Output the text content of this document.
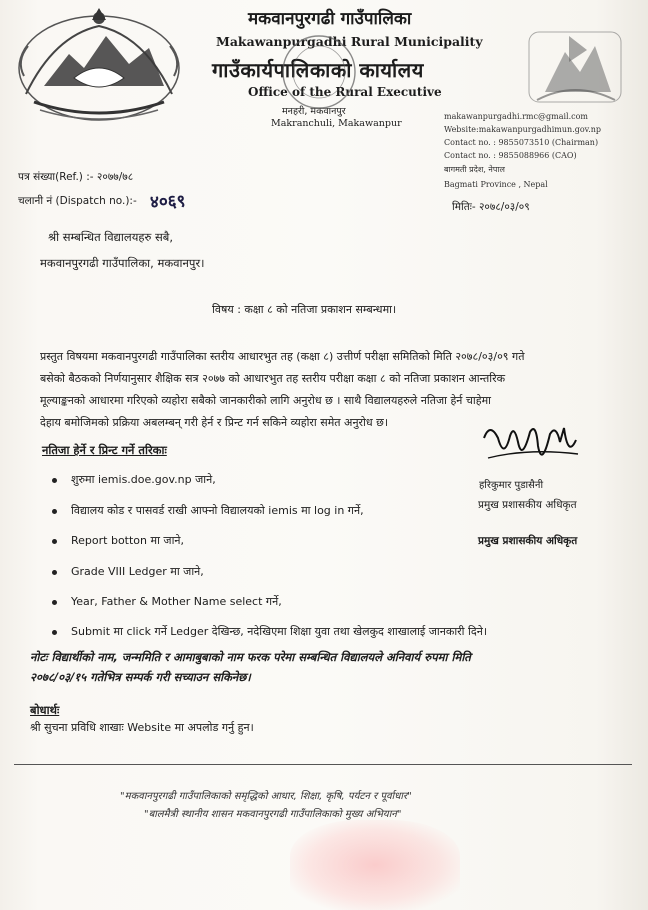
मकवानपुरगढी गाउँपालिका
Makawanpurgadhi Rural Municipality
गाउँकार्यपालिकाको कार्यालय
Office of the Rural Executive
मनहरी, मकवानपुर
Makranchuli, Makawanpur
makawanpurgadhi.rmc@gmail.com
Website:makawanpurgadhimun.gov.np
Contact no. : 9855073510 (Chairman)
Contact no. : 9855088966 (CAO)
बागमती प्रदेश, नेपाल
Bagmati Province , Nepal
पत्र संख्या(Ref.) :- २०७७/७८
चलानी नं (Dispatch no.):- ४०६९	मितिः- २०७८/०३/०९
श्री सम्बन्धित विद्यालयहरु सबै,
मकवानपुरगढी गाउँपालिका, मकवानपुर।
विषय : कक्षा ८ को नतिजा प्रकाशन सम्बन्धमा।
प्रस्तुत विषयमा मकवानपुरगढी गाउँपालिका स्तरीय आधारभुत तह (कक्षा ८) उत्तीर्ण परीक्षा समितिको मिति २०७८/०३/०९ गते
बसेको बैठकको निर्णयानुसार शैक्षिक सत्र २०७७ को आधारभुत तह स्तरीय परीक्षा कक्षा ८ को नतिजा प्रकाशन आन्तरिक
मूल्याङ्कनको आधारमा गरिएको व्यहोरा सबैको जानकारीको लागि अनुरोध छ । साथै विद्यालयहरुले नतिजा हेर्न चाहेमा
देहाय बमोजिमको प्रक्रिया अबलम्बन् गरी हेर्न र प्रिन्ट गर्न सकिने व्यहोरा समेत अनुरोध छ।
नतिजा हेर्ने र प्रिन्ट गर्ने तरिकाः
शुरुमा iemis.doe.gov.np जाने,
विद्यालय कोड र पासवर्ड राखी आफ्नो विद्यालयको iemis मा log in गर्ने,
Report botton मा जाने,
Grade VIII Ledger मा जाने,
Year, Father & Mother Name select गर्ने,
Submit मा click गर्ने Ledger देखिन्छ, नदेखिएमा शिक्षा युवा तथा खेलकुद शाखालाई जानकारी दिने।
नोटः विद्यार्थीको नाम, जन्ममिति र आमाबुबाको नाम फरक परेमा सम्बन्धित विद्यालयले अनिवार्य रुपमा मिति
२०७८/०३/१५ गतेभित्र सम्पर्क गरी सच्याउन सकिनेछ।
बोधार्थः
श्री सुचना प्रविधि शाखाः Website मा अपलोड गर्नु हुन।
हरिकुमार पुडासैनी
प्रमुख प्रशासकीय अधिकृत
प्रमुख प्रशासकीय अधिकृत
"मकवानपुरगढी गाउँपालिकाको समृद्धिको आधार, शिक्षा, कृषि, पर्यटन र पूर्वाधार"
"बालमैत्री स्थानीय शासन मकवानपुरगढी गाउँपालिकाको मुख्य अभियान"
